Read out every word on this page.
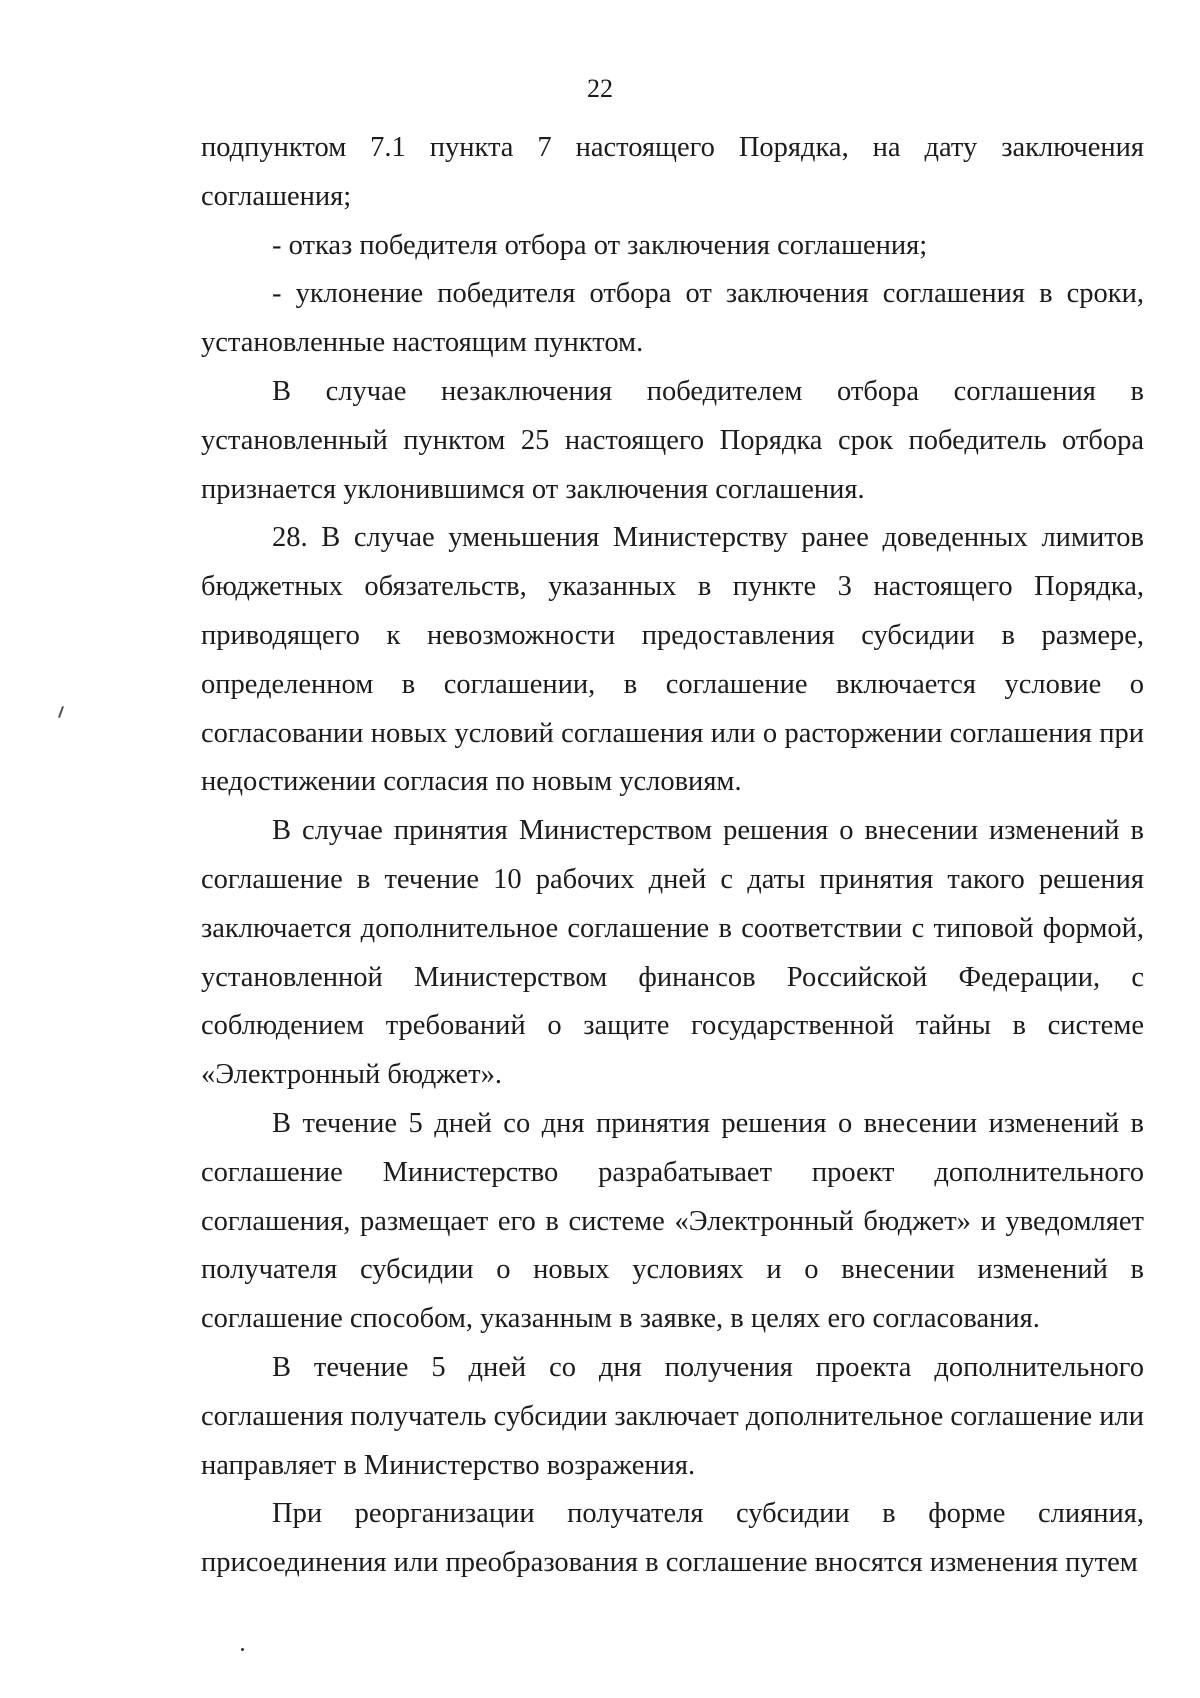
22

подпунктом 7.1 пункта 7 настоящего Порядка, на дату заключения соглашения;

- отказ победителя отбора от заключения соглашения;

- уклонение победителя отбора от заключения соглашения в сроки, установленные настоящим пунктом.

В случае незаключения победителем отбора соглашения в установленный пунктом 25 настоящего Порядка срок победитель отбора признается уклонившимся от заключения соглашения.

28. В случае уменьшения Министерству ранее доведенных лимитов бюджетных обязательств, указанных в пункте 3 настоящего Порядка, приводящего к невозможности предоставления субсидии в размере, определенном в соглашении, в соглашение включается условие о согласовании новых условий соглашения или о расторжении соглашения при недостижении согласия по новым условиям.

В случае принятия Министерством решения о внесении изменений в соглашение в течение 10 рабочих дней с даты принятия такого решения заключается дополнительное соглашение в соответствии с типовой формой, установленной Министерством финансов Российской Федерации, с соблюдением требований о защите государственной тайны в системе «Электронный бюджет».

В течение 5 дней со дня принятия решения о внесении изменений в соглашение Министерство разрабатывает проект дополнительного соглашения, размещает его в системе «Электронный бюджет» и уведомляет получателя субсидии о новых условиях и о внесении изменений в соглашение способом, указанным в заявке, в целях его согласования.

В течение 5 дней со дня получения проекта дополнительного соглашения получатель субсидии заключает дополнительное соглашение или направляет в Министерство возражения.

При реорганизации получателя субсидии в форме слияния, присоединения или преобразования в соглашение вносятся изменения путем
